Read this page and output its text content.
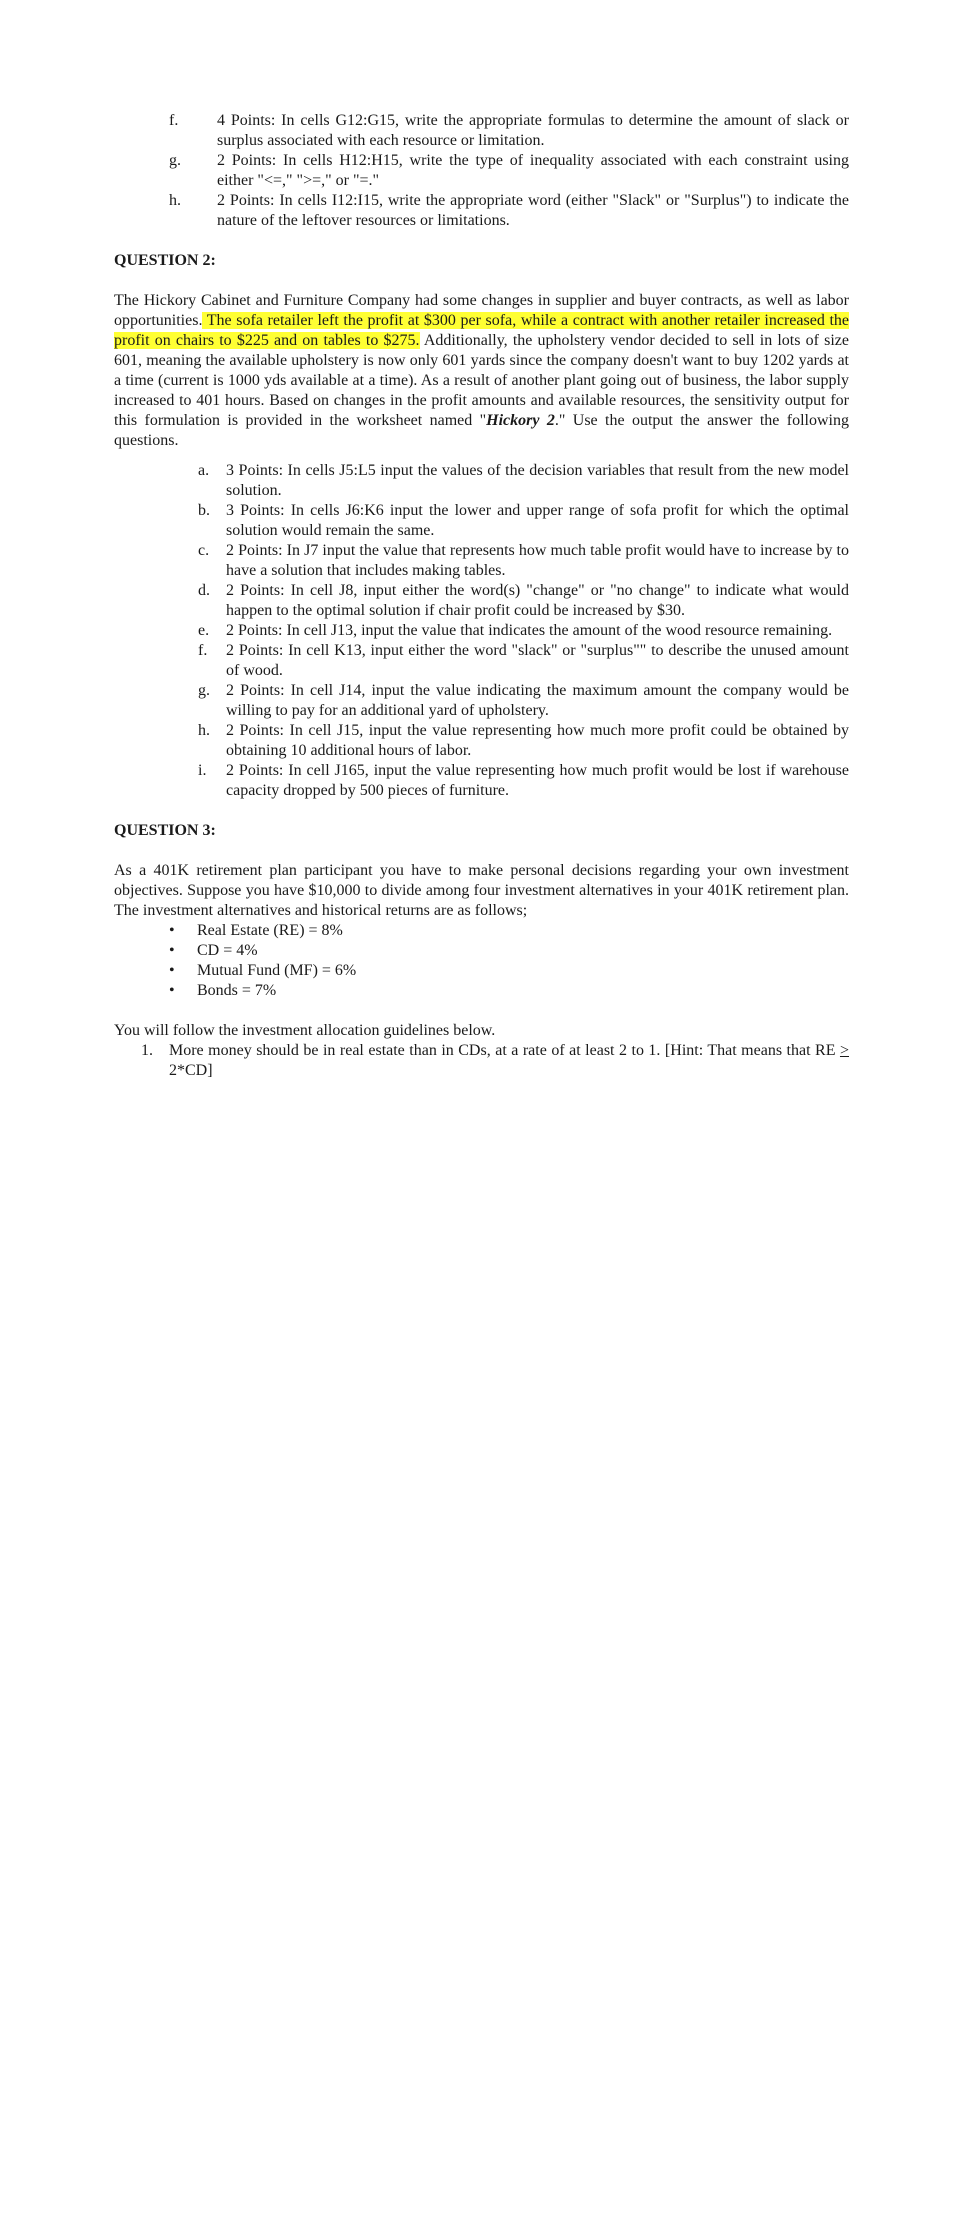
f. 4 Points: In cells G12:G15, write the appropriate formulas to determine the amount of slack or surplus associated with each resource or limitation.
g. 2 Points: In cells H12:H15, write the type of inequality associated with each constraint using either "<=," ">=," or "=."
h. 2 Points: In cells I12:I15, write the appropriate word (either "Slack" or "Surplus") to indicate the nature of the leftover resources or limitations.

QUESTION 2:

The Hickory Cabinet and Furniture Company had some changes in supplier and buyer contracts, as well as labor opportunities. The sofa retailer left the profit at $300 per sofa, while a contract with another retailer increased the profit on chairs to $225 and on tables to $275. Additionally, the upholstery vendor decided to sell in lots of size 601, meaning the available upholstery is now only 601 yards since the company doesn't want to buy 1202 yards at a time (current is 1000 yds available at a time). As a result of another plant going out of business, the labor supply increased to 401 hours. Based on changes in the profit amounts and available resources, the sensitivity output for this formulation is provided in the worksheet named "Hickory 2." Use the output the answer the following questions.

a. 3 Points: In cells J5:L5 input the values of the decision variables that result from the new model solution.
b. 3 Points: In cells J6:K6 input the lower and upper range of sofa profit for which the optimal solution would remain the same.
c. 2 Points: In J7 input the value that represents how much table profit would have to increase by to have a solution that includes making tables.
d. 2 Points: In cell J8, input either the word(s) "change" or "no change" to indicate what would happen to the optimal solution if chair profit could be increased by $30.
e. 2 Points: In cell J13, input the value that indicates the amount of the wood resource remaining.
f. 2 Points: In cell K13, input either the word "slack" or "surplus"" to describe the unused amount of wood.
g. 2 Points: In cell J14, input the value indicating the maximum amount the company would be willing to pay for an additional yard of upholstery.
h. 2 Points: In cell J15, input the value representing how much more profit could be obtained by obtaining 10 additional hours of labor.
i. 2 Points: In cell J165, input the value representing how much profit would be lost if warehouse capacity dropped by 500 pieces of furniture.

QUESTION 3:

As a 401K retirement plan participant you have to make personal decisions regarding your own investment objectives. Suppose you have $10,000 to divide among four investment alternatives in your 401K retirement plan. The investment alternatives and historical returns are as follows;

• Real Estate (RE) = 8%
• CD = 4%
• Mutual Fund (MF) = 6%
• Bonds = 7%

You will follow the investment allocation guidelines below.

1. More money should be in real estate than in CDs, at a rate of at least 2 to 1. [Hint: That means that RE > 2*CD]
